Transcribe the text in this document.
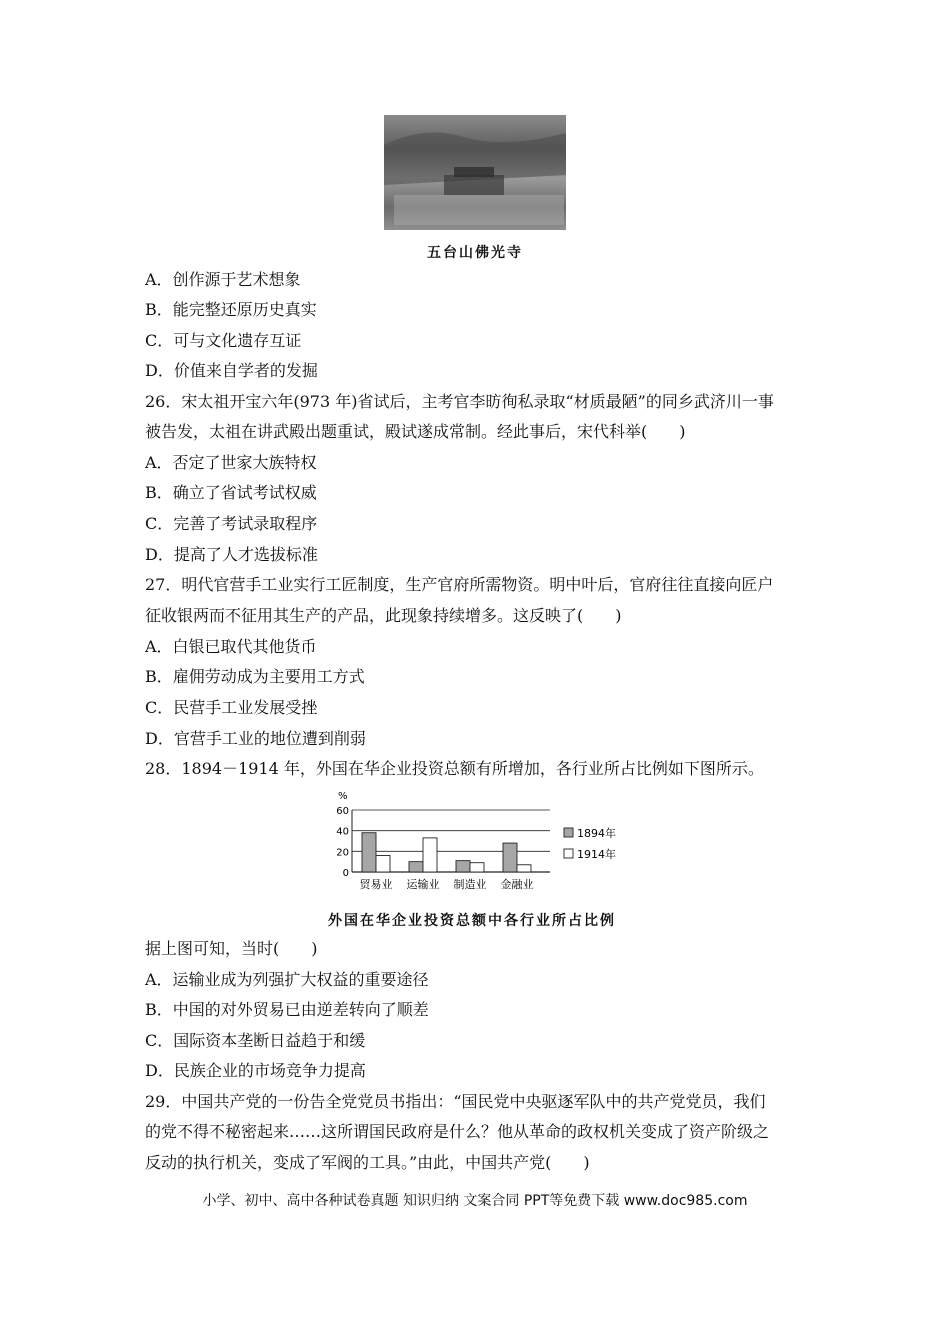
五台山佛光寺
A．创作源于艺术想象
B．能完整还原历史真实
C．可与文化遗存互证
D．价值来自学者的发掘
26．宋太祖开宝六年(973 年)省试后，主考官李昉徇私录取“材质最陋”的同乡武济川一事
被告发，太祖在讲武殿出题重试，殿试遂成常制。经此事后，宋代科举(　　)
A．否定了世家大族特权
B．确立了省试考试权威
C．完善了考试录取程序
D．提高了人才选拔标准
27．明代官营手工业实行工匠制度，生产官府所需物资。明中叶后，官府往往直接向匠户
征收银两而不征用其生产的产品，此现象持续增多。这反映了(　　)
A．白银已取代其他货币
B．雇佣劳动成为主要用工方式
C．民营手工业发展受挫
D．官营手工业的地位遭到削弱
28．1894－1914 年，外国在华企业投资总额有所增加，各行业所占比例如下图所示。
%
0
20
40
60
贸易业 运输业 制造业 金融业
1894年
1914年
外国在华企业投资总额中各行业所占比例
据上图可知，当时(　　)
A．运输业成为列强扩大权益的重要途径
B．中国的对外贸易已由逆差转向了顺差
C．国际资本垄断日益趋于和缓
D．民族企业的市场竞争力提高
29．中国共产党的一份告全党党员书指出：“国民党中央驱逐军队中的共产党党员，我们
的党不得不秘密起来……这所谓国民政府是什么？他从革命的政权机关变成了资产阶级之
反动的执行机关，变成了军阀的工具。”由此，中国共产党(　　)
小学、初中、高中各种试卷真题 知识归纳 文案合同 PPT等免费下载 www.doc985.com
